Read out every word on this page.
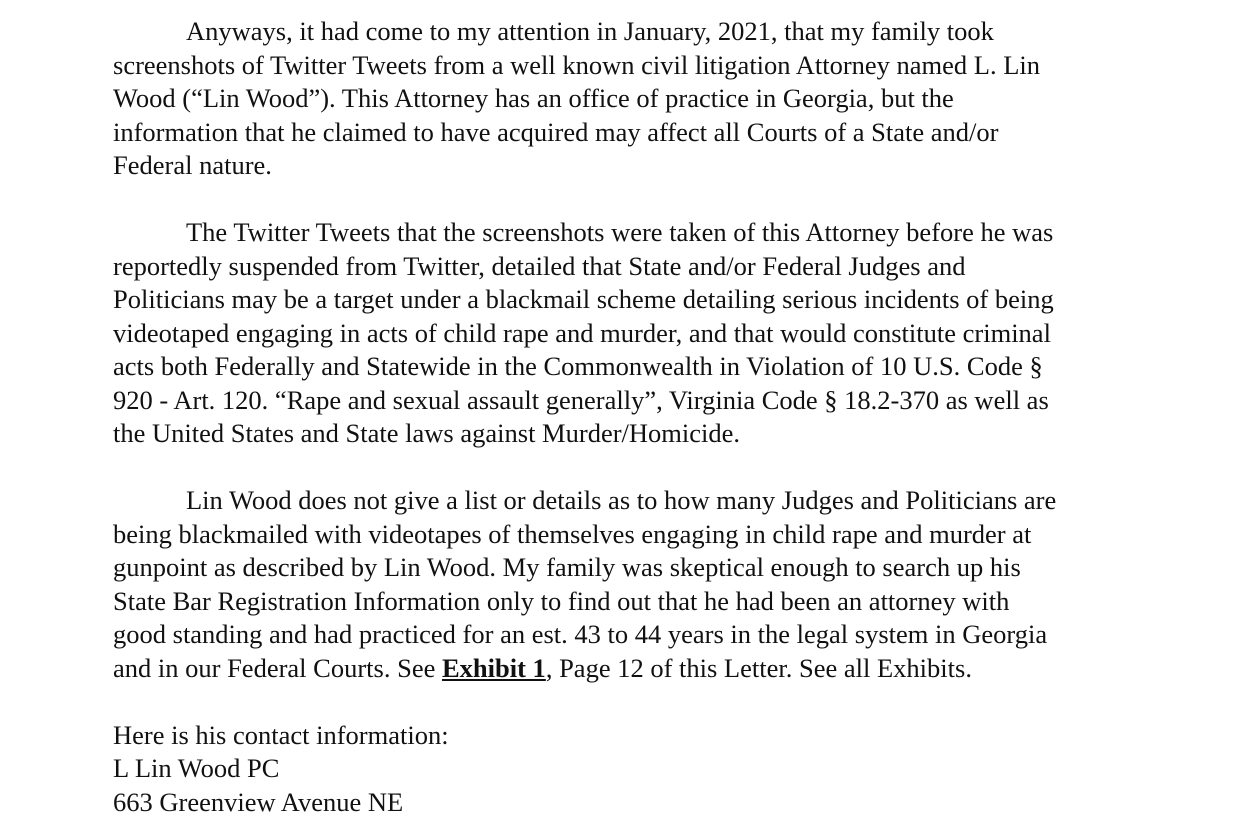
Anyways, it had come to my attention in January, 2021, that my family took
screenshots of Twitter Tweets from a well known civil litigation Attorney named L. Lin
Wood (“Lin Wood”). This Attorney has an office of practice in Georgia, but the
information that he claimed to have acquired may affect all Courts of a State and/or
Federal nature.
The Twitter Tweets that the screenshots were taken of this Attorney before he was
reportedly suspended from Twitter, detailed that State and/or Federal Judges and
Politicians may be a target under a blackmail scheme detailing serious incidents of being
videotaped engaging in acts of child rape and murder, and that would constitute criminal
acts both Federally and Statewide in the Commonwealth in Violation of 10 U.S. Code §
920 - Art. 120. “Rape and sexual assault generally”, Virginia Code § 18.2-370 as well as
the United States and State laws against Murder/Homicide.
Lin Wood does not give a list or details as to how many Judges and Politicians are
being blackmailed with videotapes of themselves engaging in child rape and murder at
gunpoint as described by Lin Wood. My family was skeptical enough to search up his
State Bar Registration Information only to find out that he had been an attorney with
good standing and had practiced for an est. 43 to 44 years in the legal system in Georgia
and in our Federal Courts. See Exhibit 1, Page 12 of this Letter. See all Exhibits.
Here is his contact information:
L Lin Wood PC
663 Greenview Avenue NE
